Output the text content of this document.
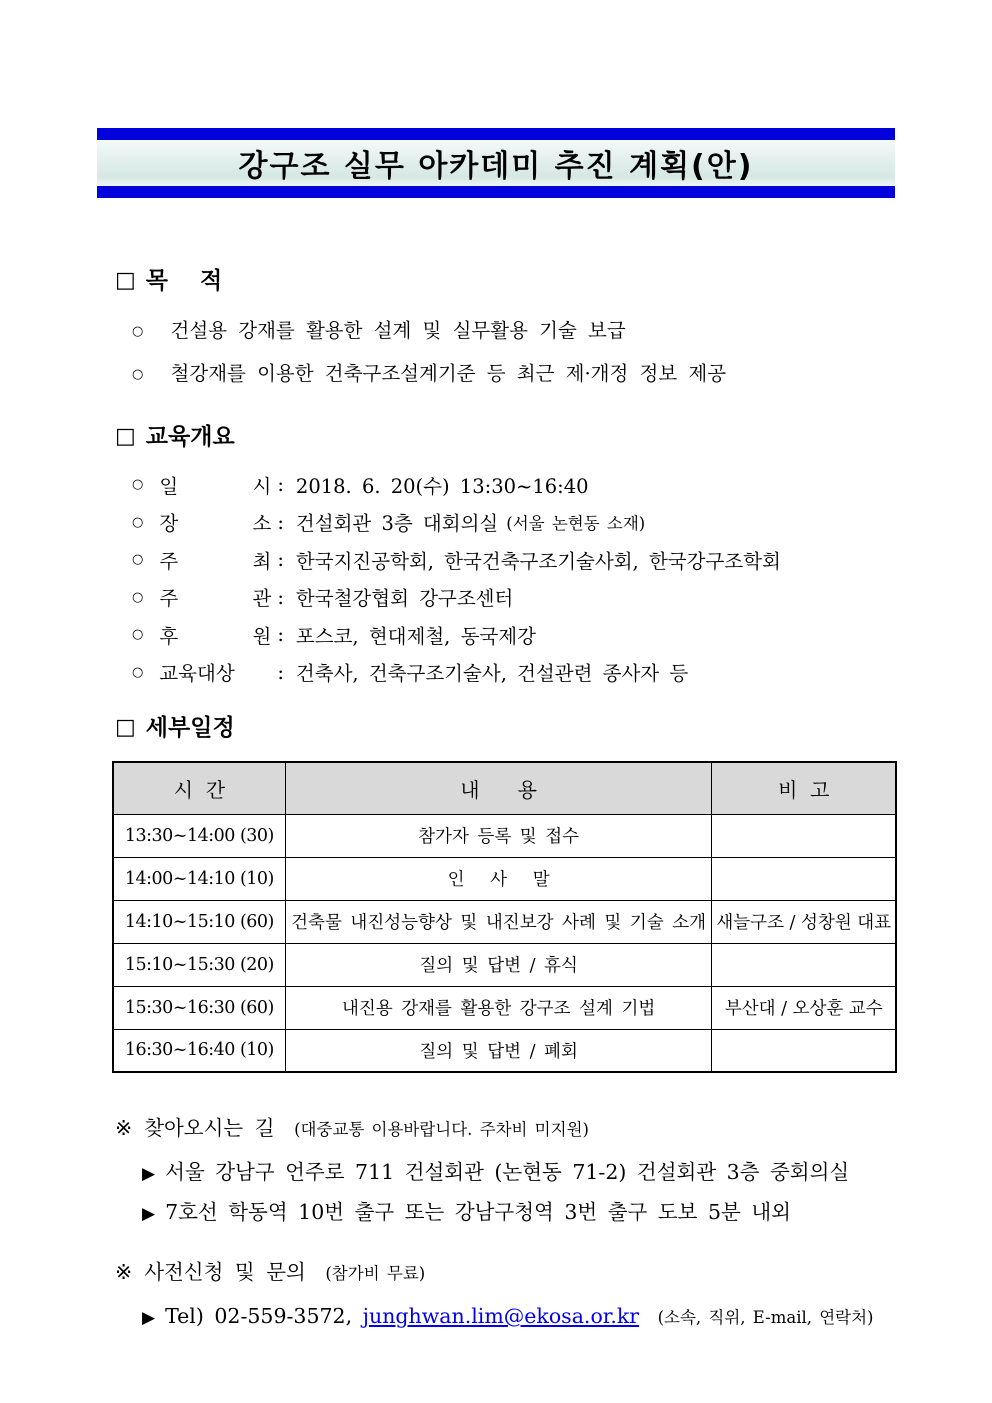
강구조 실무 아카데미 추진 계획(안)
□ 목    적
○ 건설용 강재를 활용한 설계 및 실무활용 기술 보급
○ 철강재를 이용한 건축구조설계기준 등 최근 제·개정 정보 제공
□ 교육개요
○ 일	시 : 2018. 6. 20(수) 13:30~16:40
○ 장	소 : 건설회관 3층 대회의실 (서울 논현동 소재)
○ 주	최 : 한국지진공학회, 한국건축구조기술사회, 한국강구조학회
○ 주	관 : 한국철강협회 강구조센터
○ 후	원 : 포스코, 현대제철, 동국제강
○ 교육대상 : 건축사, 건축구조기술사, 건설관련 종사자 등
□ 세부일정
시  간	내      용	비  고
13:30~14:00 (30)	참가자 등록 및 접수	
14:00~14:10 (10)	인   사   말	
14:10~15:10 (60)	건축물 내진성능향상 및 내진보강 사례 및 기술 소개	새늘구조 / 성창원 대표
15:10~15:30 (20)	질의 및 답변 / 휴식	
15:30~16:30 (60)	내진용 강재를 활용한 강구조 설계 기법	부산대 / 오상훈 교수
16:30~16:40 (10)	질의 및 답변 / 폐회	
※ 찾아오시는 길 (대중교통 이용바랍니다. 주차비 미지원)
▶ 서울 강남구 언주로 711 건설회관 (논현동 71-2) 건설회관 3층 중회의실
▶ 7호선 학동역 10번 출구 또는 강남구청역 3번 출구 도보 5분 내외
※ 사전신청 및 문의 (참가비 무료)
▶ Tel) 02-559-3572, junghwan.lim@ekosa.or.kr (소속, 직위, E-mail, 연락처)
